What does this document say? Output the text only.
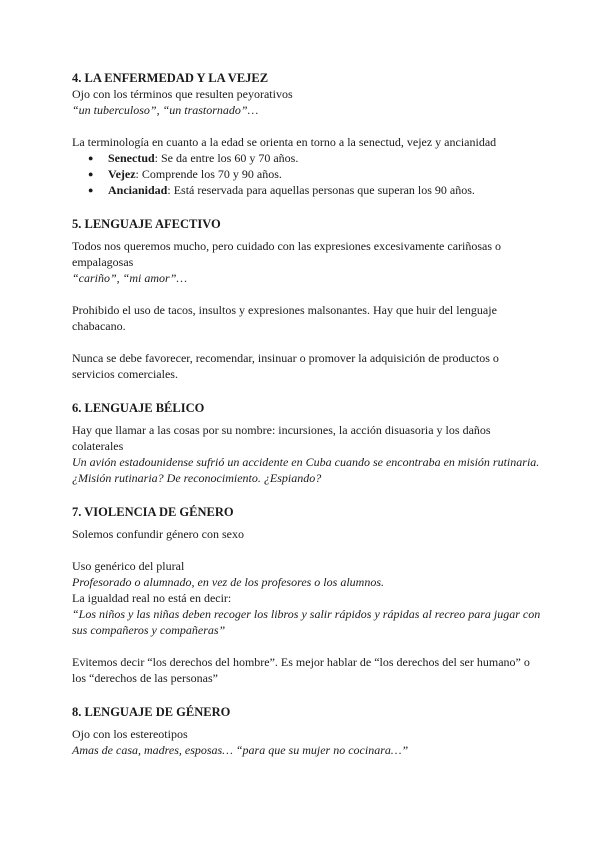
4. LA ENFERMEDAD Y LA VEJEZ

Ojo con los términos que resulten peyorativos

“un tuberculoso”, “un trastornado”…

La terminología en cuanto a la edad se orienta en torno a la senectud, vejez y ancianidad

● Senectud: Se da entre los 60 y 70 años.
● Vejez: Comprende los 70 y 90 años.
● Ancianidad: Está reservada para aquellas personas que superan los 90 años.
5. LENGUAJE AFECTIVO

Todos nos queremos mucho, pero cuidado con las expresiones excesivamente cariñosas o empalagosas

“cariño”, “mi amor”…

Prohibido el uso de tacos, insultos y expresiones malsonantes. Hay que huir del lenguaje chabacano.

Nunca se debe favorecer, recomendar, insinuar o promover la adquisición de productos o servicios comerciales.

6. LENGUAJE BÉLICO

Hay que llamar a las cosas por su nombre: incursiones, la acción disuasoria y los daños colaterales

Un avión estadounidense sufrió un accidente en Cuba cuando se encontraba en misión rutinaria. ¿Misión rutinaria? De reconocimiento. ¿Espiando?

7. VIOLENCIA DE GÉNERO

Solemos confundir género con sexo

Uso genérico del plural

Profesorado o alumnado, en vez de los profesores o los alumnos.

La igualdad real no está en decir:

“Los niños y las niñas deben recoger los libros y salir rápidos y rápidas al recreo para jugar con sus compañeros y compañeras”

Evitemos decir “los derechos del hombre”. Es mejor hablar de “los derechos del ser humano” o los “derechos de las personas”

8. LENGUAJE DE GÉNERO

Ojo con los estereotipos

Amas de casa, madres, esposas… “para que su mujer no cocinara…”
